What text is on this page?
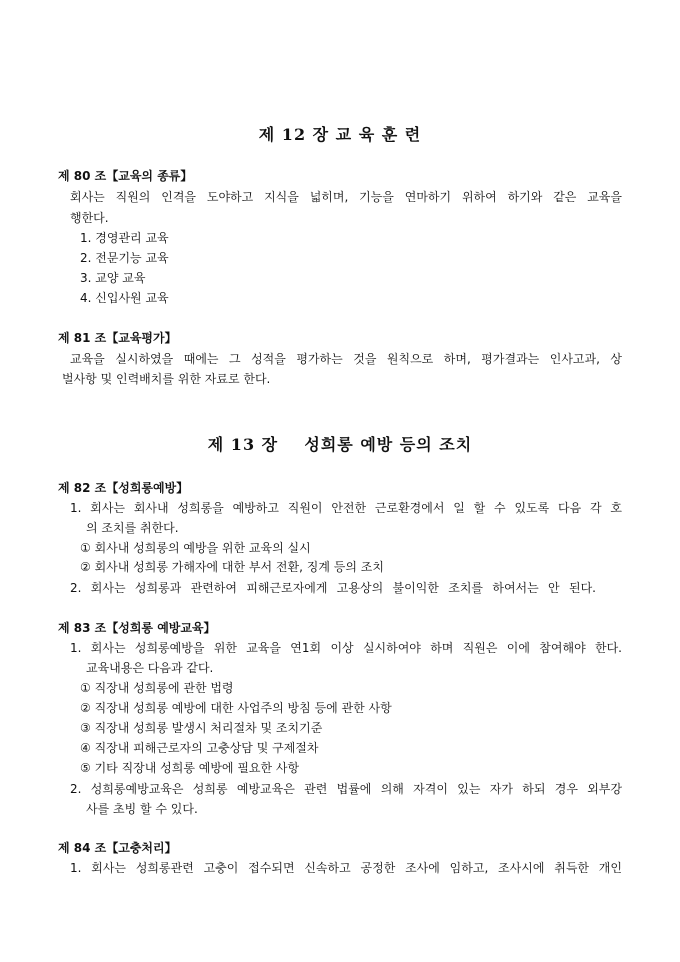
제 12 장 교 육 훈 련
제 80 조【교육의 종류】
회사는 직원의 인격을 도야하고 지식을 넓히며, 기능을 연마하기 위하여 하기와 같은 교육을
행한다.
1. 경영관리 교육
2. 전문기능 교육
3. 교양 교육
4. 신입사원 교육
제 81 조【교육평가】
교육을 실시하였을 때에는 그 성적을 평가하는 것을 원칙으로 하며, 평가결과는 인사고과, 상
벌사항 및 인력배치를 위한 자료로 한다.
제 13 장    성희롱 예방 등의 조치
제 82 조【성희롱예방】
1. 회사는 회사내 성희롱을 예방하고 직원이 안전한 근로환경에서 일 할 수 있도록 다음 각 호
의 조치를 취한다.
① 회사내 성희롱의 예방을 위한 교육의 실시
② 회사내 성희롱 가해자에 대한 부서 전환, 징계 등의 조치
2. 회사는 성희롱과 관련하여 피해근로자에게 고용상의 불이익한 조치를 하여서는 안 된다.
제 83 조【성희롱 예방교육】
1. 회사는 성희롱예방을 위한 교육을 연1회 이상 실시하여야 하며 직원은 이에 참여해야 한다.
교육내용은 다음과 같다.
① 직장내 성희롱에 관한 법령
② 직장내 성희롱 예방에 대한 사업주의 방침 등에 관한 사항
③ 직장내 성희롱 발생시 처리절차 및 조치기준
④ 직장내 피해근로자의 고충상담 및 구제절차
⑤ 기타 직장내 성희롱 예방에 필요한 사항
2. 성희롱예방교육은 성희롱 예방교육은 관련 법률에 의해 자격이 있는 자가 하되 경우 외부강
사를 초빙 할 수 있다.
제 84 조【고충처리】
1. 회사는 성희롱관련 고충이 접수되면 신속하고 공정한 조사에 임하고, 조사시에 취득한 개인
